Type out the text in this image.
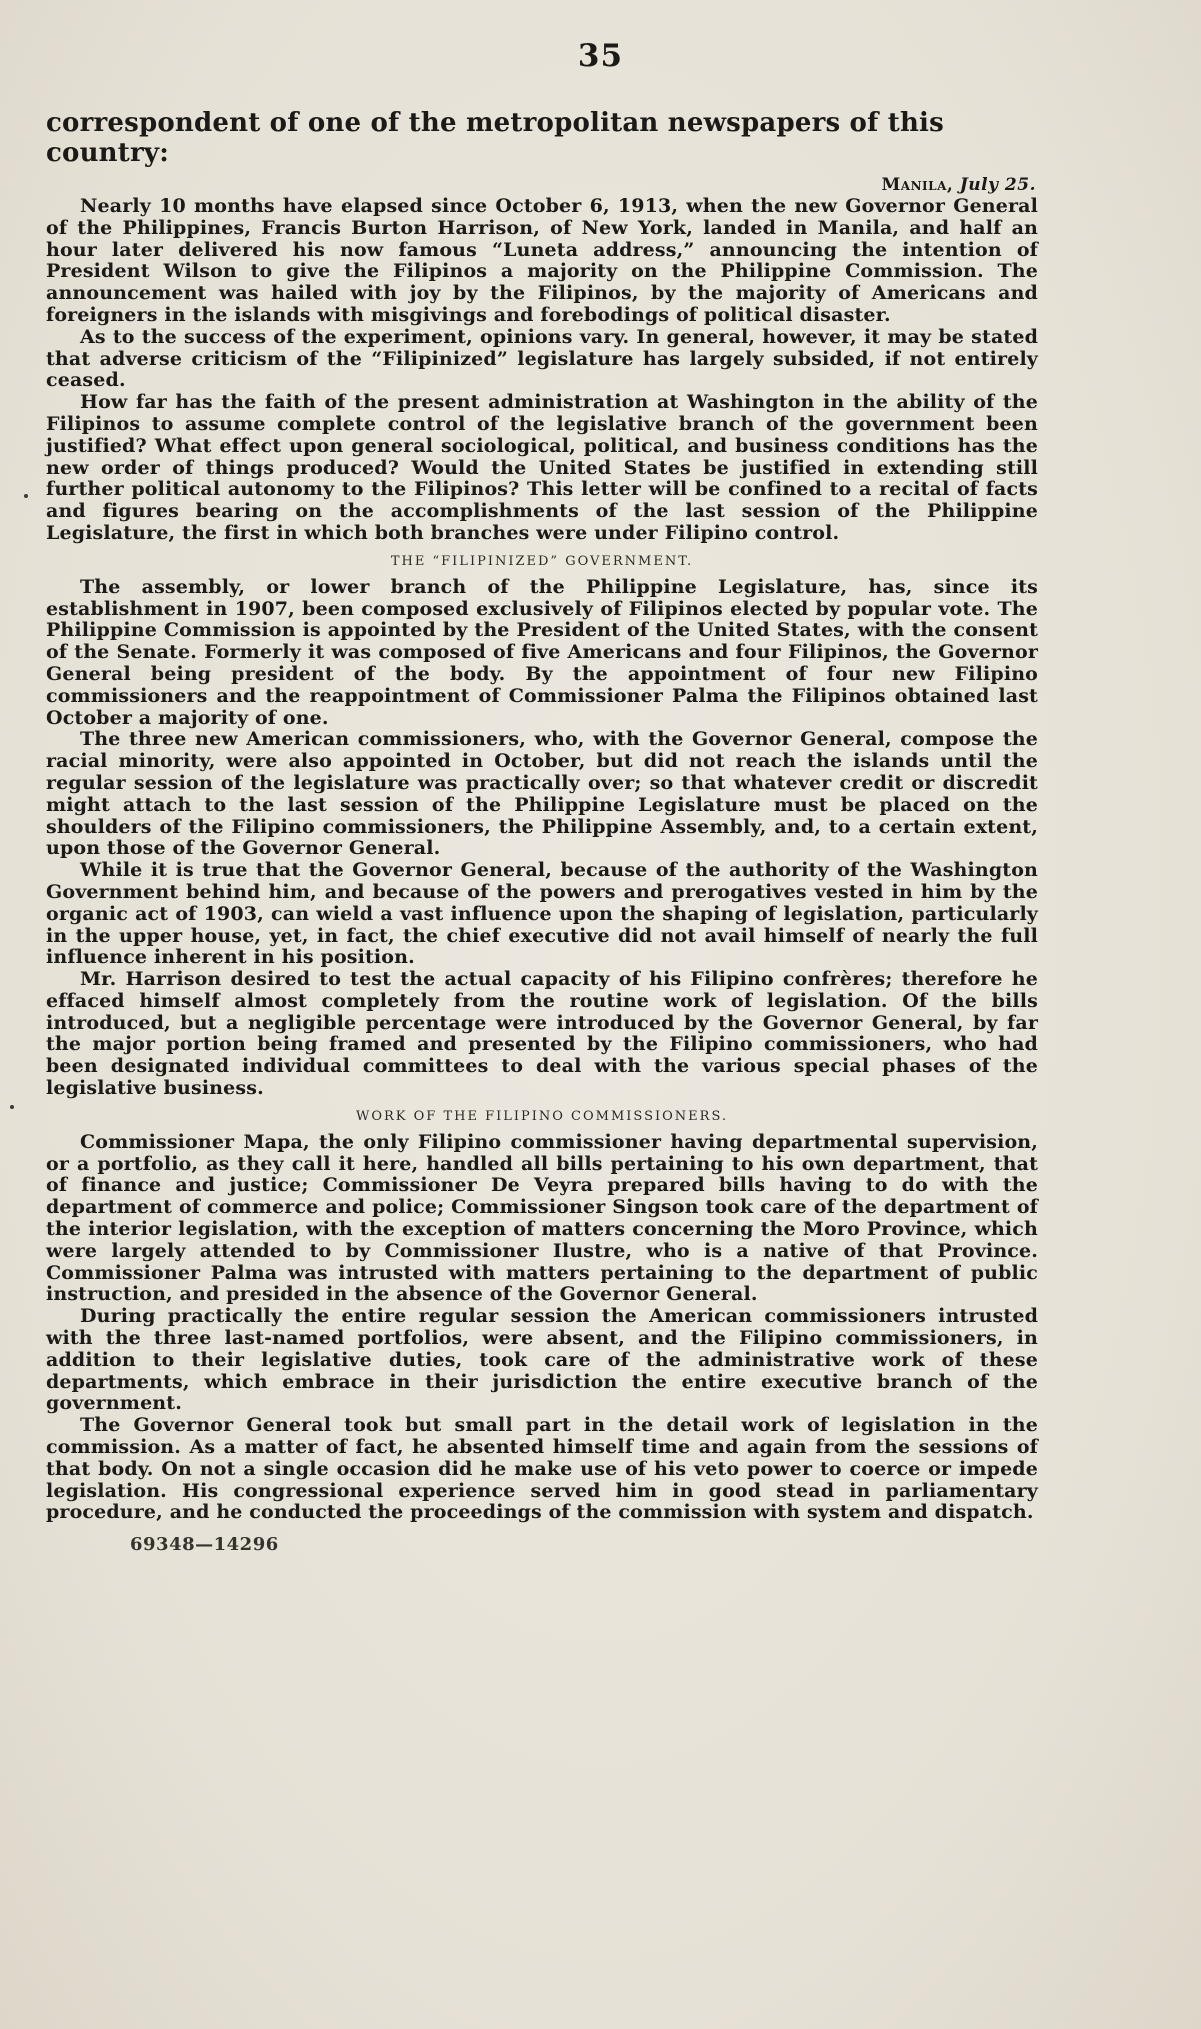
35

correspondent of one of the metropolitan newspapers of this country:

Manila, July 25.

Nearly 10 months have elapsed since October 6, 1913, when the new Governor General of the Philippines, Francis Burton Harrison, of New York, landed in Manila, and half an hour later delivered his now famous “Luneta address,” announcing the intention of President Wilson to give the Filipinos a majority on the Philippine Commission. The announcement was hailed with joy by the Filipinos, by the majority of Americans and foreigners in the islands with misgivings and forebodings of political disaster.

As to the success of the experiment, opinions vary. In general, however, it may be stated that adverse criticism of the “Filipinized” legislature has largely subsided, if not entirely ceased.

How far has the faith of the present administration at Washington in the ability of the Filipinos to assume complete control of the legislative branch of the government been justified? What effect upon general sociological, political, and business conditions has the new order of things produced? Would the United States be justified in extending still further political autonomy to the Filipinos? This letter will be confined to a recital of facts and figures bearing on the accomplishments of the last session of the Philippine Legislature, the first in which both branches were under Filipino control.

THE “FILIPINIZED” GOVERNMENT.

The assembly, or lower branch of the Philippine Legislature, has, since its establishment in 1907, been composed exclusively of Filipinos elected by popular vote. The Philippine Commission is appointed by the President of the United States, with the consent of the Senate. Formerly it was composed of five Americans and four Filipinos, the Governor General being president of the body. By the appointment of four new Filipino commissioners and the reappointment of Commissioner Palma the Filipinos obtained last October a majority of one.

The three new American commissioners, who, with the Governor General, compose the racial minority, were also appointed in October, but did not reach the islands until the regular session of the legislature was practically over; so that whatever credit or discredit might attach to the last session of the Philippine Legislature must be placed on the shoulders of the Filipino commissioners, the Philippine Assembly, and, to a certain extent, upon those of the Governor General.

While it is true that the Governor General, because of the authority of the Washington Government behind him, and because of the powers and prerogatives vested in him by the organic act of 1903, can wield a vast influence upon the shaping of legislation, particularly in the upper house, yet, in fact, the chief executive did not avail himself of nearly the full influence inherent in his position.

Mr. Harrison desired to test the actual capacity of his Filipino confrères; therefore he effaced himself almost completely from the routine work of legislation. Of the bills introduced, but a negligible percentage were introduced by the Governor General, by far the major portion being framed and presented by the Filipino commissioners, who had been designated individual committees to deal with the various special phases of the legislative business.

WORK OF THE FILIPINO COMMISSIONERS.

Commissioner Mapa, the only Filipino commissioner having departmental supervision, or a portfolio, as they call it here, handled all bills pertaining to his own department, that of finance and justice; Commissioner De Veyra prepared bills having to do with the department of commerce and police; Commissioner Singson took care of the department of the interior legislation, with the exception of matters concerning the Moro Province, which were largely attended to by Commissioner Ilustre, who is a native of that Province. Commissioner Palma was intrusted with matters pertaining to the department of public instruction, and presided in the absence of the Governor General.

During practically the entire regular session the American commissioners intrusted with the three last-named portfolios, were absent, and the Filipino commissioners, in addition to their legislative duties, took care of the administrative work of these departments, which embrace in their jurisdiction the entire executive branch of the government.

The Governor General took but small part in the detail work of legislation in the commission. As a matter of fact, he absented himself time and again from the sessions of that body. On not a single occasion did he make use of his veto power to coerce or impede legislation. His congressional experience served him in good stead in parliamentary procedure, and he conducted the proceedings of the commission with system and dispatch.

69348—14296
